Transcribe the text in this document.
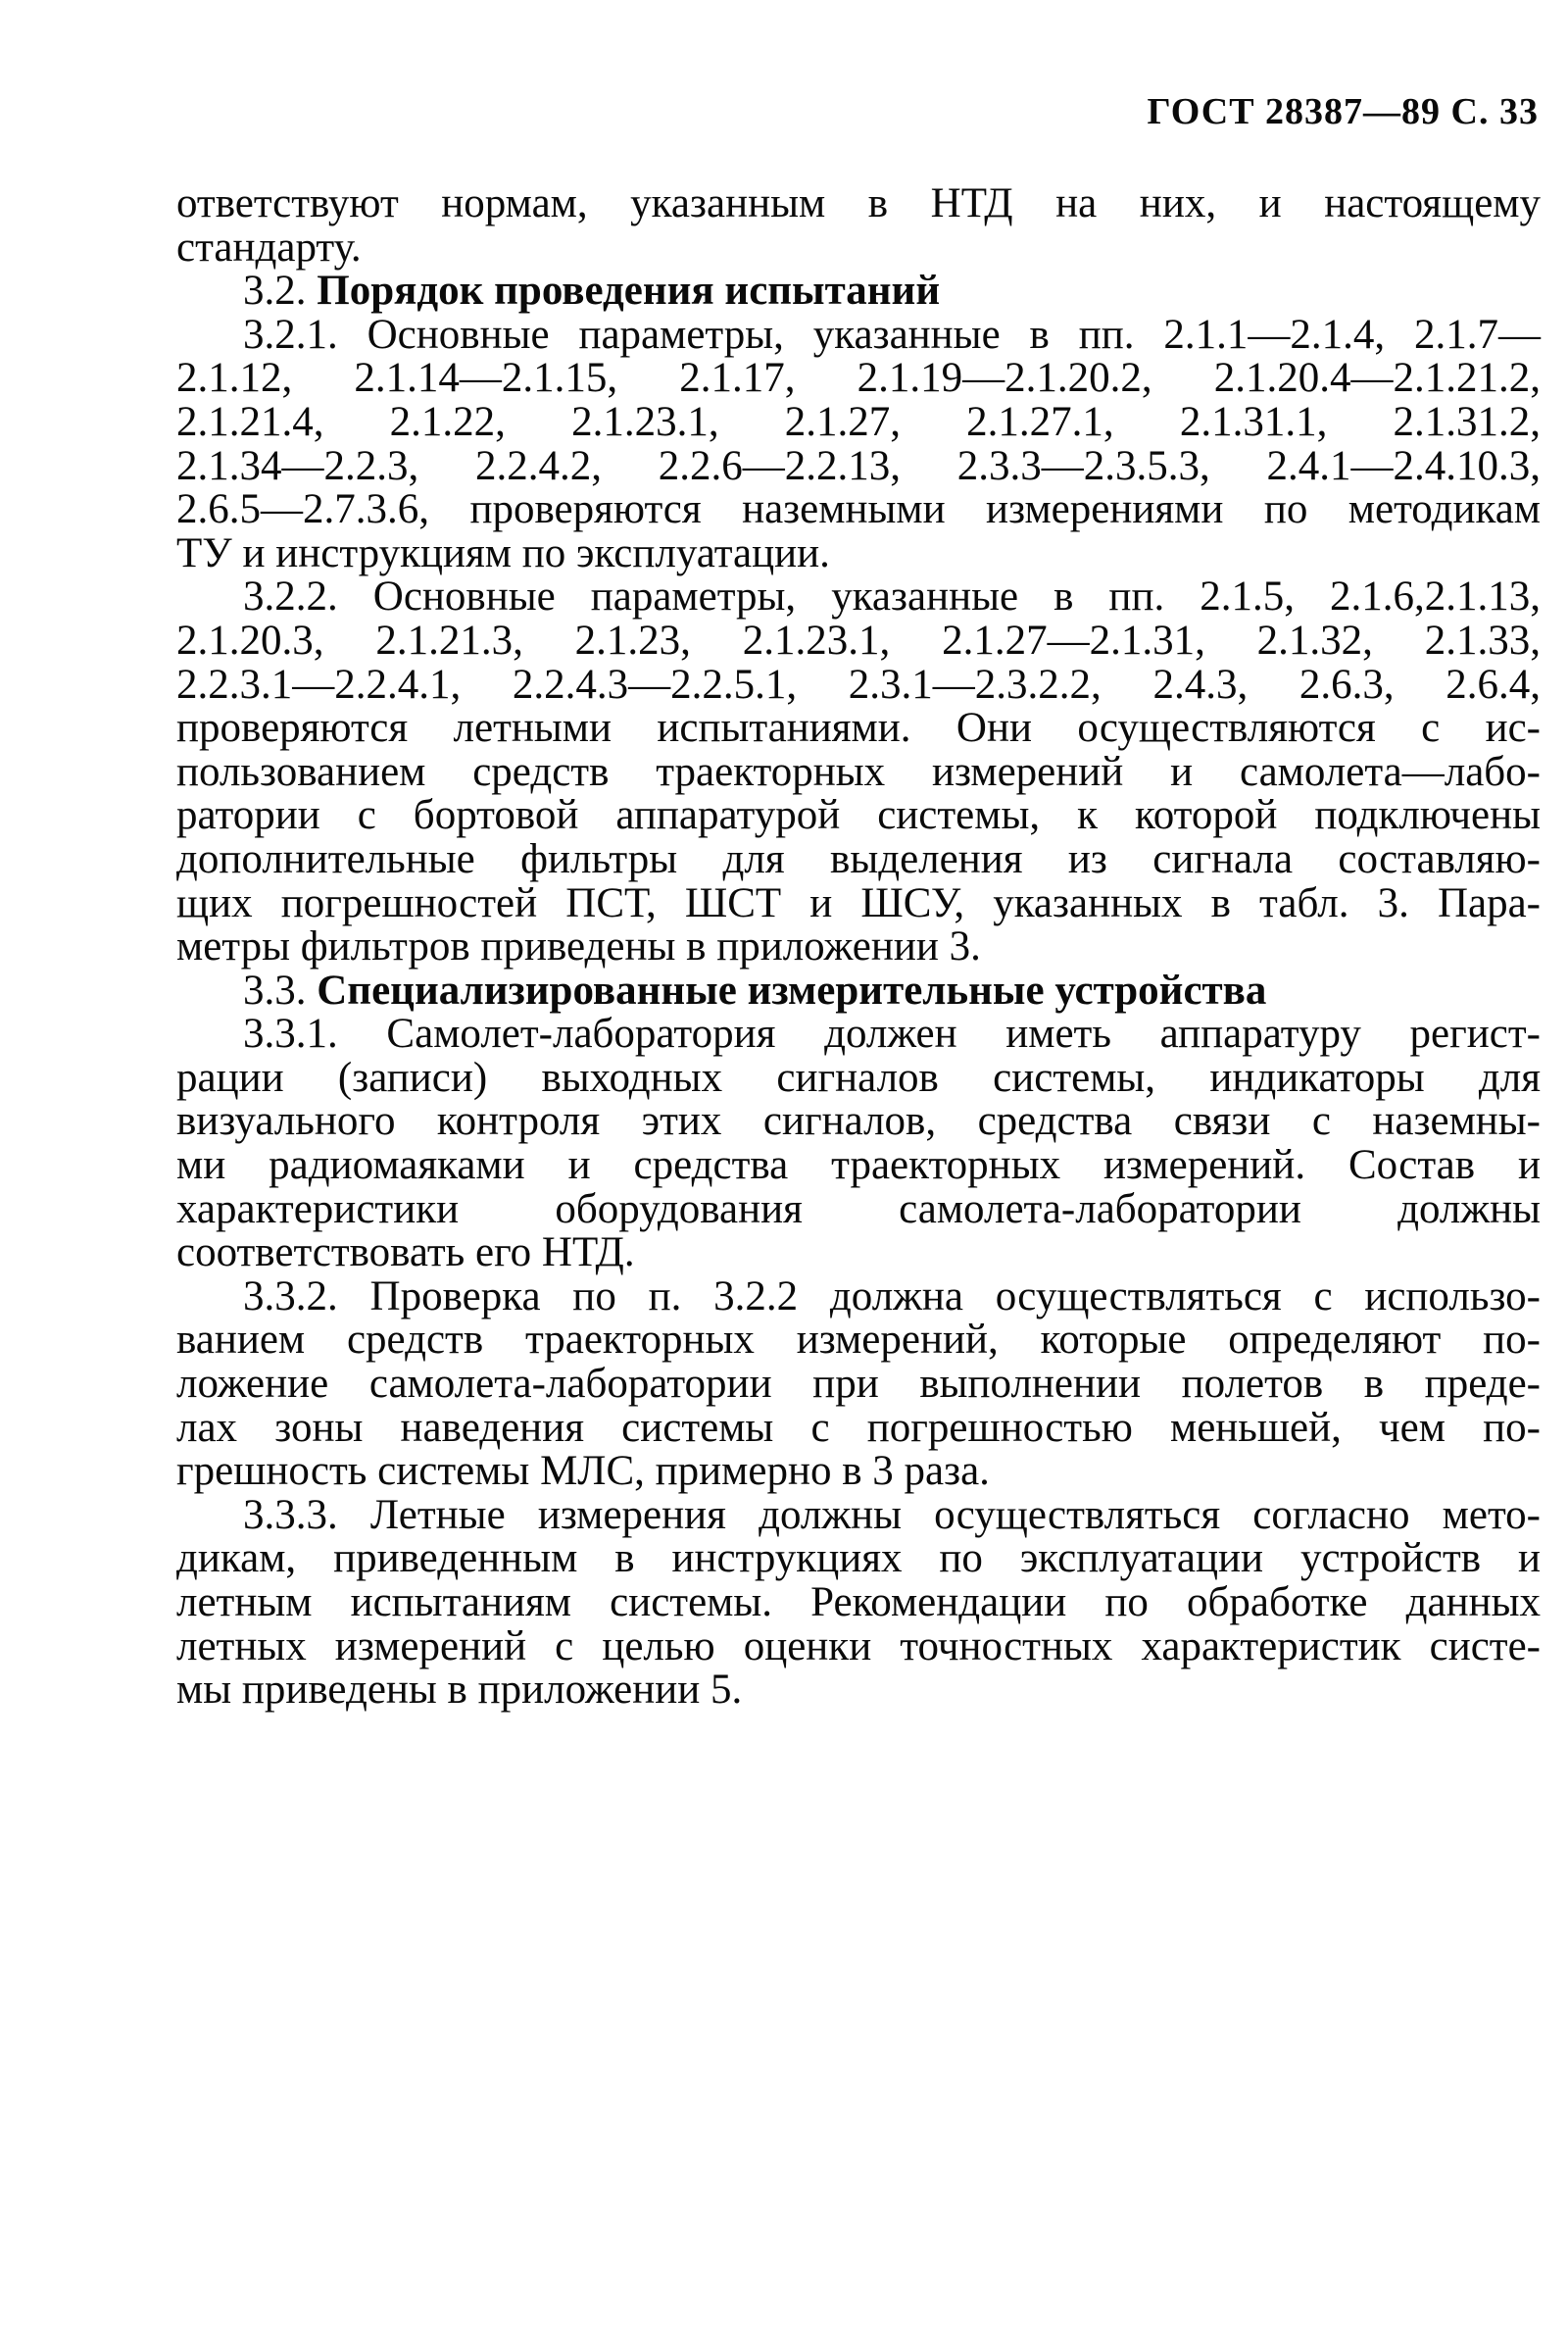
ГОСТ 28387—89 С. 33
ответствуют нормам, указанным в НТД на них, и настоящему
стандарту.
3.2. Порядок проведения испытаний
3.2.1. Основные параметры, указанные в пп. 2.1.1—2.1.4, 2.1.7—
2.1.12, 2.1.14—2.1.15, 2.1.17, 2.1.19—2.1.20.2, 2.1.20.4—2.1.21.2,
2.1.21.4, 2.1.22, 2.1.23.1, 2.1.27, 2.1.27.1, 2.1.31.1, 2.1.31.2,
2.1.34—2.2.3, 2.2.4.2, 2.2.6—2.2.13, 2.3.3—2.3.5.3, 2.4.1—2.4.10.3,
2.6.5—2.7.3.6, проверяются наземными измерениями по методикам
ТУ и инструкциям по эксплуатации.
3.2.2. Основные параметры, указанные в пп. 2.1.5, 2.1.6,2.1.13,
2.1.20.3, 2.1.21.3, 2.1.23, 2.1.23.1, 2.1.27—2.1.31, 2.1.32, 2.1.33,
2.2.3.1—2.2.4.1, 2.2.4.3—2.2.5.1, 2.3.1—2.3.2.2, 2.4.3, 2.6.3, 2.6.4,
проверяются летными испытаниями. Они осуществляются с ис-
пользованием средств траекторных измерений и самолета—лабо-
ратории с бортовой аппаратурой системы, к которой подключены
дополнительные фильтры для выделения из сигнала составляю-
щих погрешностей ПСТ, ШСТ и ШСУ, указанных в табл. 3. Пара-
метры фильтров приведены в приложении 3.
3.3. Специализированные измерительные устройства
3.3.1. Самолет-лаборатория должен иметь аппаратуру регист-
рации (записи) выходных сигналов системы, индикаторы для
визуального контроля этих сигналов, средства связи с наземны-
ми радиомаяками и средства траекторных измерений. Состав и
характеристики оборудования самолета-лаборатории должны
соответствовать его НТД.
3.3.2. Проверка по п. 3.2.2 должна осуществляться с использо-
ванием средств траекторных измерений, которые определяют по-
ложение самолета-лаборатории при выполнении полетов в преде-
лах зоны наведения системы с погрешностью меньшей, чем по-
грешность системы МЛС, примерно в 3 раза.
3.3.3. Летные измерения должны осуществляться согласно мето-
дикам, приведенным в инструкциях по эксплуатации устройств и
летным испытаниям системы. Рекомендации по обработке данных
летных измерений с целью оценки точностных характеристик систе-
мы приведены в приложении 5.
